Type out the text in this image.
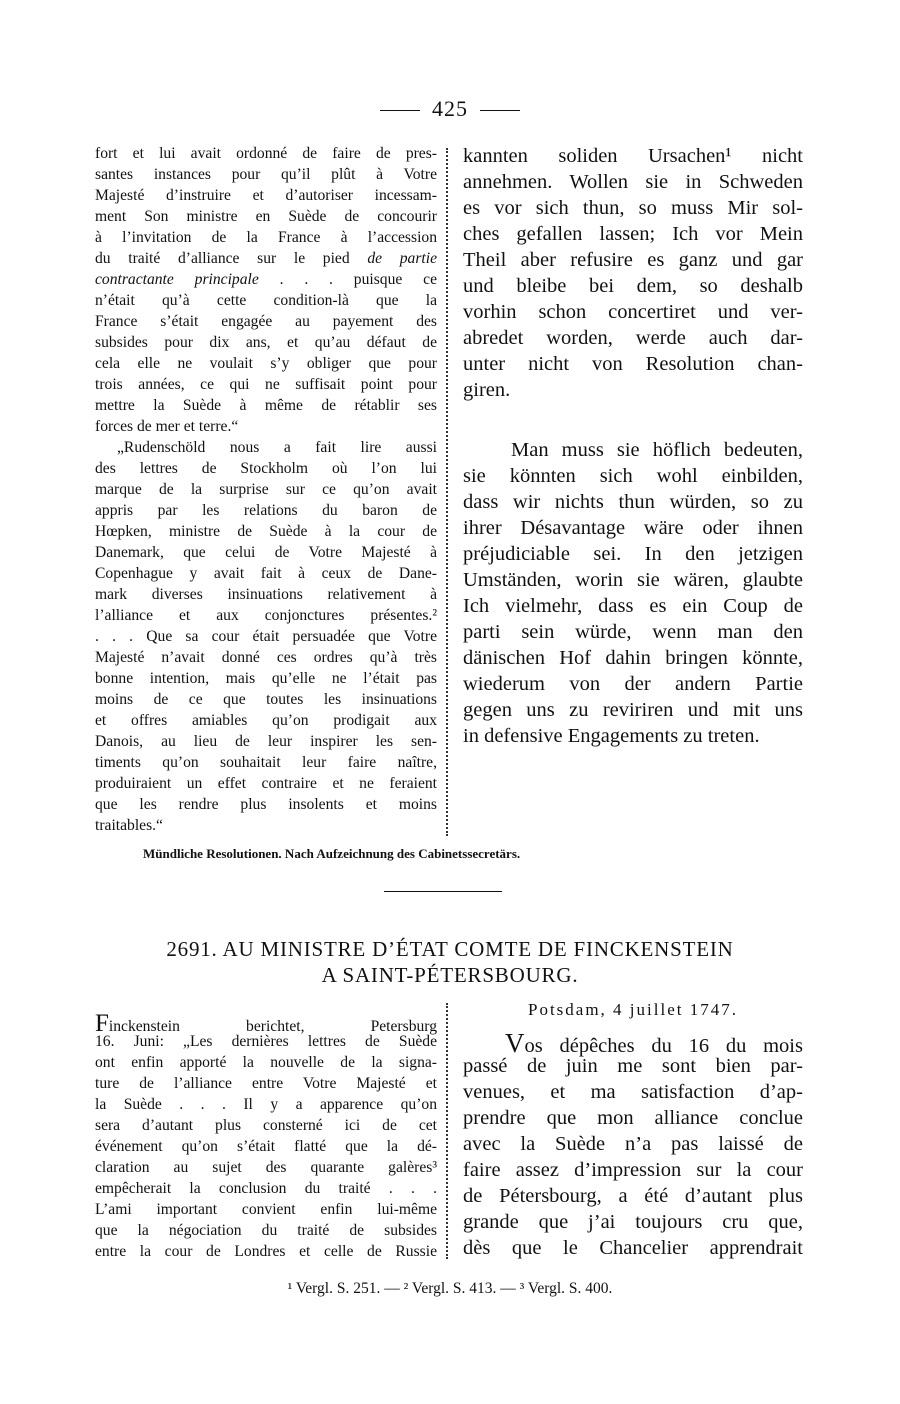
425
fort et lui avait ordonné de faire de pres-
santes instances pour qu’il plût à Votre
Majesté d’instruire et d’autoriser incessam-
ment Son ministre en Suède de concourir
à l’invitation de la France à l’accession
du traité d’alliance sur le pied de partie
contractante principale . . . puisque ce
n’était qu’à cette condition-là que la
France s’était engagée au payement des
subsides pour dix ans, et qu’au défaut de
cela elle ne voulait s’y obliger que pour
trois années, ce qui ne suffisait point pour
mettre la Suède à même de rétablir ses
forces de mer et terre.“
„Rudenschöld nous a fait lire aussi
des lettres de Stockholm où l’on lui
marque de la surprise sur ce qu’on avait
appris par les relations du baron de
Hœpken, ministre de Suède à la cour de
Danemark, que celui de Votre Majesté à
Copenhague y avait fait à ceux de Dane-
mark diverses insinuations relativement à
l’alliance et aux conjonctures présentes.²
. . . Que sa cour était persuadée que Votre
Majesté n’avait donné ces ordres qu’à très
bonne intention, mais qu’elle ne l’était pas
moins de ce que toutes les insinuations
et offres amiables qu’on prodigait aux
Danois, au lieu de leur inspirer les sen-
timents qu’on souhaitait leur faire naître,
produiraient un effet contraire et ne feraient
que les rendre plus insolents et moins
traitables.“
kannten soliden Ursachen¹ nicht
annehmen. Wollen sie in Schweden
es vor sich thun, so muss Mir sol-
ches gefallen lassen; Ich vor Mein
Theil aber refusire es ganz und gar
und bleibe bei dem, so deshalb
vorhin schon concertiret und ver-
abredet worden, werde auch dar-
unter nicht von Resolution chan-
giren.
Man muss sie höflich bedeuten,
sie könnten sich wohl einbilden,
dass wir nichts thun würden, so zu
ihrer Désavantage wäre oder ihnen
préjudiciable sei. In den jetzigen
Umständen, worin sie wären, glaubte
Ich vielmehr, dass es ein Coup de
parti sein würde, wenn man den
dänischen Hof dahin bringen könnte,
wiederum von der andern Partie
gegen uns zu reviriren und mit uns
in defensive Engagements zu treten.
Mündliche Resolutionen. Nach Aufzeichnung des Cabinetssecretärs.
2691. AU MINISTRE D’ÉTAT COMTE DE FINCKENSTEIN
A SAINT-PÉTERSBOURG.
Potsdam, 4 juillet 1747.
Finckenstein berichtet, Petersburg
16. Juni: „Les dernières lettres de Suède
ont enfin apporté la nouvelle de la signa-
ture de l’alliance entre Votre Majesté et
la Suède . . . Il y a apparence qu’on
sera d’autant plus consterné ici de cet
événement qu’on s’était flatté que la dé-
claration au sujet des quarante galères³
empêcherait la conclusion du traité . . .
L’ami important convient enfin lui-même
que la négociation du traité de subsides
entre la cour de Londres et celle de Russie
Vos dépêches du 16 du mois
passé de juin me sont bien par-
venues, et ma satisfaction d’ap-
prendre que mon alliance conclue
avec la Suède n’a pas laissé de
faire assez d’impression sur la cour
de Pétersbourg, a été d’autant plus
grande que j’ai toujours cru que,
dès que le Chancelier apprendrait
¹ Vergl. S. 251. — ² Vergl. S. 413. — ³ Vergl. S. 400.
